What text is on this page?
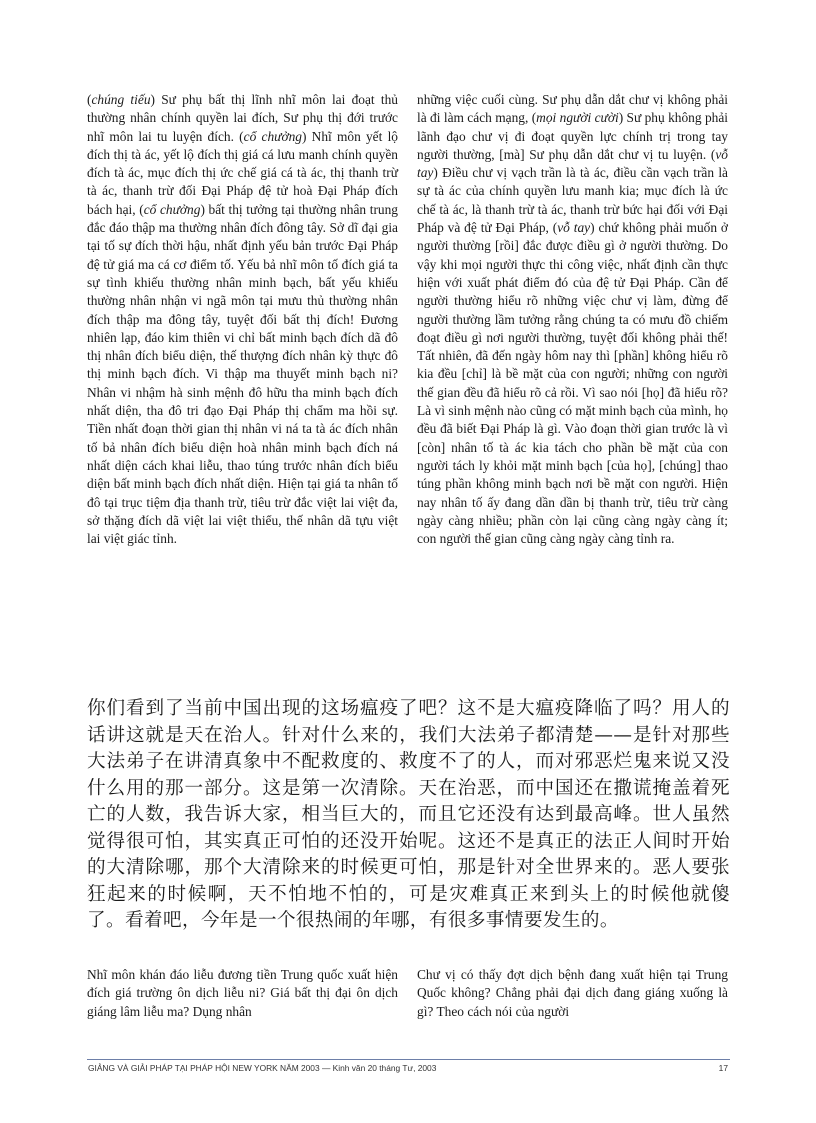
(chúng tiếu) Sư phụ bất thị lĩnh nhĩ môn lai đoạt thủ thường nhân chính quyền lai đích, Sư phụ thị đới trước nhĩ môn lai tu luyện đích. (cổ chưởng) Nhĩ môn yết lộ đích thị tà ác, yết lộ đích thị giá cá lưu manh chính quyền đích tà ác, mục đích thị ức chế giá cá tà ác, thị thanh trừ tà ác, thanh trừ đối Đại Pháp đệ tử hoà Đại Pháp đích bách hại, (cổ chưởng) bất thị tưởng tại thường nhân trung đắc đáo thập ma thường nhân đích đông tây. Sở dĩ đại gia tại tố sự đích thời hậu, nhất định yếu bản trước Đại Pháp đệ tử giá ma cá cơ điểm tố. Yếu bả nhĩ môn tố đích giá ta sự tình khiếu thường nhân minh bạch, bất yếu khiếu thường nhân nhận vi ngã môn tại mưu thủ thường nhân đích thập ma đông tây, tuyệt đối bất thị đích! Đương nhiên lạp, đáo kim thiên vi chỉ bất minh bạch đích dã đô thị nhân đích biểu diện, thế thượng đích nhân kỳ thực đô thị minh bạch đích. Vi thập ma thuyết minh bạch ni? Nhân vi nhậm hà sinh mệnh đô hữu tha minh bạch đích nhất diện, tha đô tri đạo Đại Pháp thị chẩm ma hồi sự. Tiền nhất đoạn thời gian thị nhân vi ná ta tà ác đích nhân tố bả nhân đích biểu diện hoà nhân minh bạch đích ná nhất diện cách khai liễu, thao túng trước nhân đích biểu diện bất minh bạch đích nhất diện. Hiện tại giá ta nhân tố đô tại trục tiệm địa thanh trừ, tiêu trừ đắc việt lai việt đa, sở thặng đích dã việt lai việt thiểu, thế nhân dã tựu việt lai việt giác tỉnh.

những việc cuối cùng. Sư phụ dẫn dắt chư vị không phải là đi làm cách mạng, (mọi người cười) Sư phụ không phải lãnh đạo chư vị đi đoạt quyền lực chính trị trong tay người thường, [mà] Sư phụ dẫn dắt chư vị tu luyện. (vỗ tay) Điều chư vị vạch trần là tà ác, điều cần vạch trần là sự tà ác của chính quyền lưu manh kia; mục đích là ức chế tà ác, là thanh trừ tà ác, thanh trừ bức hại đối với Đại Pháp và đệ tử Đại Pháp, (vỗ tay) chứ không phải muốn ở người thường [rồi] đắc được điều gì ở người thường. Do vậy khi mọi người thực thi công việc, nhất định cần thực hiện với xuất phát điểm đó của đệ tử Đại Pháp. Cần để người thường hiểu rõ những việc chư vị làm, đừng để người thường lầm tưởng rằng chúng ta có mưu đồ chiếm đoạt điều gì nơi người thường, tuyệt đối không phải thế! Tất nhiên, đã đến ngày hôm nay thì [phần] không hiểu rõ kia đều [chỉ] là bề mặt của con người; những con người thế gian đều đã hiểu rõ cả rồi. Vì sao nói [họ] đã hiểu rõ? Là vì sinh mệnh nào cũng có mặt minh bạch của mình, họ đều đã biết Đại Pháp là gì. Vào đoạn thời gian trước là vì [còn] nhân tố tà ác kia tách cho phần bề mặt của con người tách ly khỏi mặt minh bạch [của họ], [chúng] thao túng phần không minh bạch nơi bề mặt con người. Hiện nay nhân tố ấy đang dần dần bị thanh trừ, tiêu trừ càng ngày càng nhiều; phần còn lại cũng càng ngày càng ít; con người thế gian cũng càng ngày càng tỉnh ra.

你们看到了当前中国出现的这场瘟疫了吧？这不是大瘟疫降临了吗？用人的话讲这就是天在治人。针对什么来的，我们大法弟子都清楚——是针对那些大法弟子在讲清真象中不配救度的、救度不了的人，而对邪恶烂鬼来说又没什么用的那一部分。这是第一次清除。天在治恶，而中国还在撒谎掩盖着死亡的人数，我告诉大家，相当巨大的，而且它还没有达到最高峰。世人虽然觉得很可怕，其实真正可怕的还没开始呢。这还不是真正的法正人间时开始的大清除哪，那个大清除来的时候更可怕，那是针对全世界来的。恶人要张狂起来的时候啊，天不怕地不怕的，可是灾难真正来到头上的时候他就傻了。看着吧，今年是一个很热闹的年哪，有很多事情要发生的。

Nhĩ môn khán đáo liễu đương tiền Trung quốc xuất hiện đích giá trường ôn dịch liễu ni? Giá bất thị đại ôn dịch giáng lâm liễu ma? Dụng nhân

Chư vị có thấy đợt dịch bệnh đang xuất hiện tại Trung Quốc không? Chẳng phải đại dịch đang giáng xuống là gì? Theo cách nói của người

GIẢNG VÀ GIẢI PHÁP TẠI PHÁP HỘI NEW YORK NĂM 2003 — Kinh văn 20 tháng Tư, 2003	17
